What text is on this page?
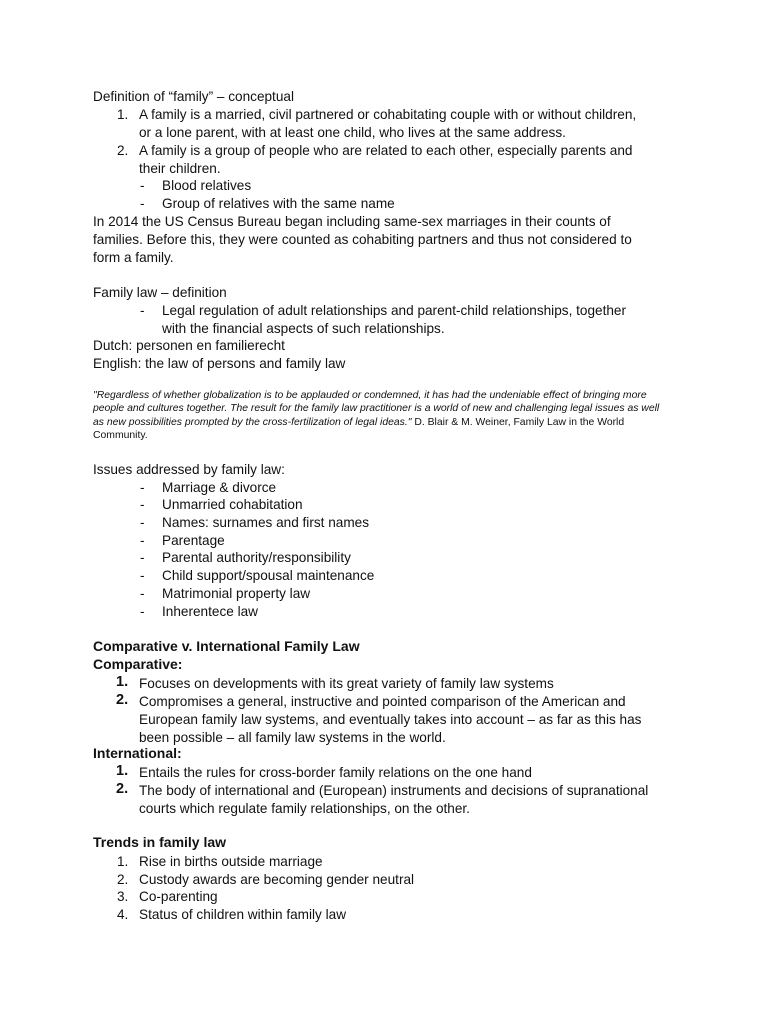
Definition of “family” – conceptual
1. A family is a married, civil partnered or cohabitating couple with or without children,
or a lone parent, with at least one child, who lives at the same address.
2. A family is a group of people who are related to each other, especially parents and
their children.
- Blood relatives
- Group of relatives with the same name
In 2014 the US Census Bureau began including same-sex marriages in their counts of
families. Before this, they were counted as cohabiting partners and thus not considered to
form a family.
Family law – definition
- Legal regulation of adult relationships and parent-child relationships, together
with the financial aspects of such relationships.
Dutch: personen en familierecht
English: the law of persons and family law
"Regardless of whether globalization is to be applauded or condemned, it has had the undeniable effect of bringing more people and cultures together. The result for the family law practitioner is a world of new and challenging legal issues as well as new possibilities prompted by the cross-fertilization of legal ideas." D. Blair & M. Weiner, Family Law in the World Community.
Issues addressed by family law:
- Marriage & divorce
- Unmarried cohabitation
- Names: surnames and first names
- Parentage
- Parental authority/responsibility
- Child support/spousal maintenance
- Matrimonial property law
- Inherentece law
Comparative v. International Family Law
Comparative:
1. Focuses on developments with its great variety of family law systems
2. Compromises a general, instructive and pointed comparison of the American and
European family law systems, and eventually takes into account – as far as this has
been possible – all family law systems in the world.
International:
1. Entails the rules for cross-border family relations on the one hand
2. The body of international and (European) instruments and decisions of supranational
courts which regulate family relationships, on the other.
Trends in family law
1. Rise in births outside marriage
2. Custody awards are becoming gender neutral
3. Co-parenting
4. Status of children within family law
